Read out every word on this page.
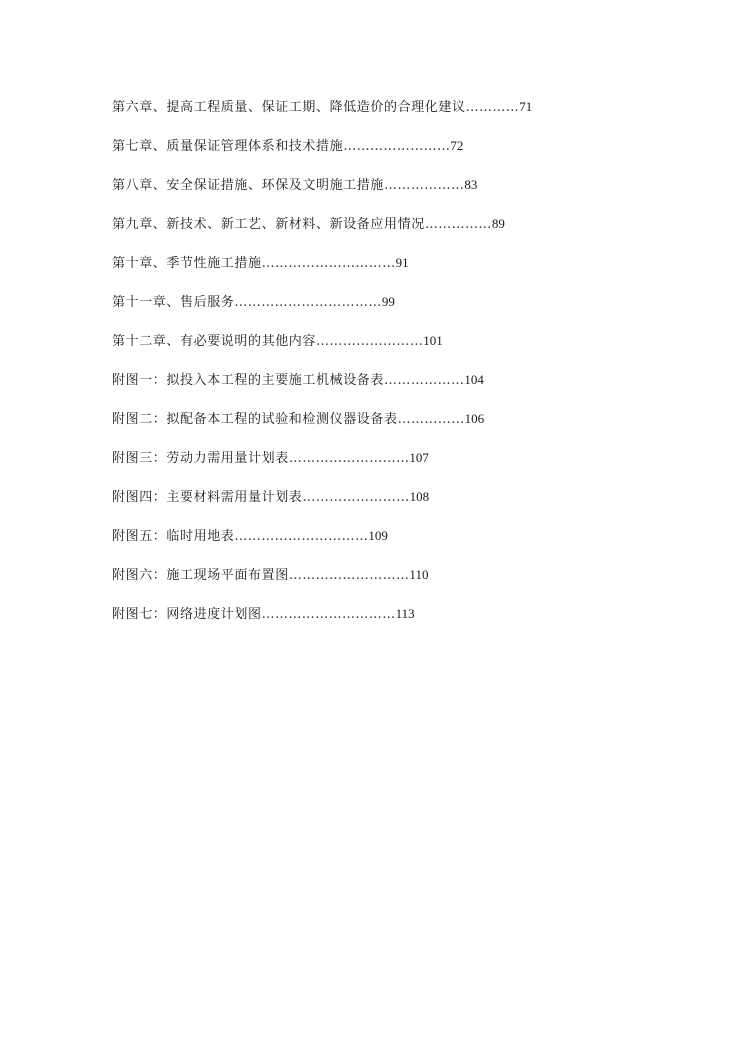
第六章、提高工程质量、保证工期、降低造价的合理化建议…………71
第七章、质量保证管理体系和技术措施……………………72
第八章、安全保证措施、环保及文明施工措施………………83
第九章、新技术、新工艺、新材料、新设备应用情况……………89
第十章、季节性施工措施…………………………91
第十一章、售后服务……………………………99
第十二章、有必要说明的其他内容……………………101
附图一：拟投入本工程的主要施工机械设备表………………104
附图二：拟配备本工程的试验和检测仪器设备表……………106
附图三：劳动力需用量计划表………………………107
附图四：主要材料需用量计划表……………………108
附图五：临时用地表…………………………109
附图六：施工现场平面布置图………………………110
附图七：网络进度计划图…………………………113
